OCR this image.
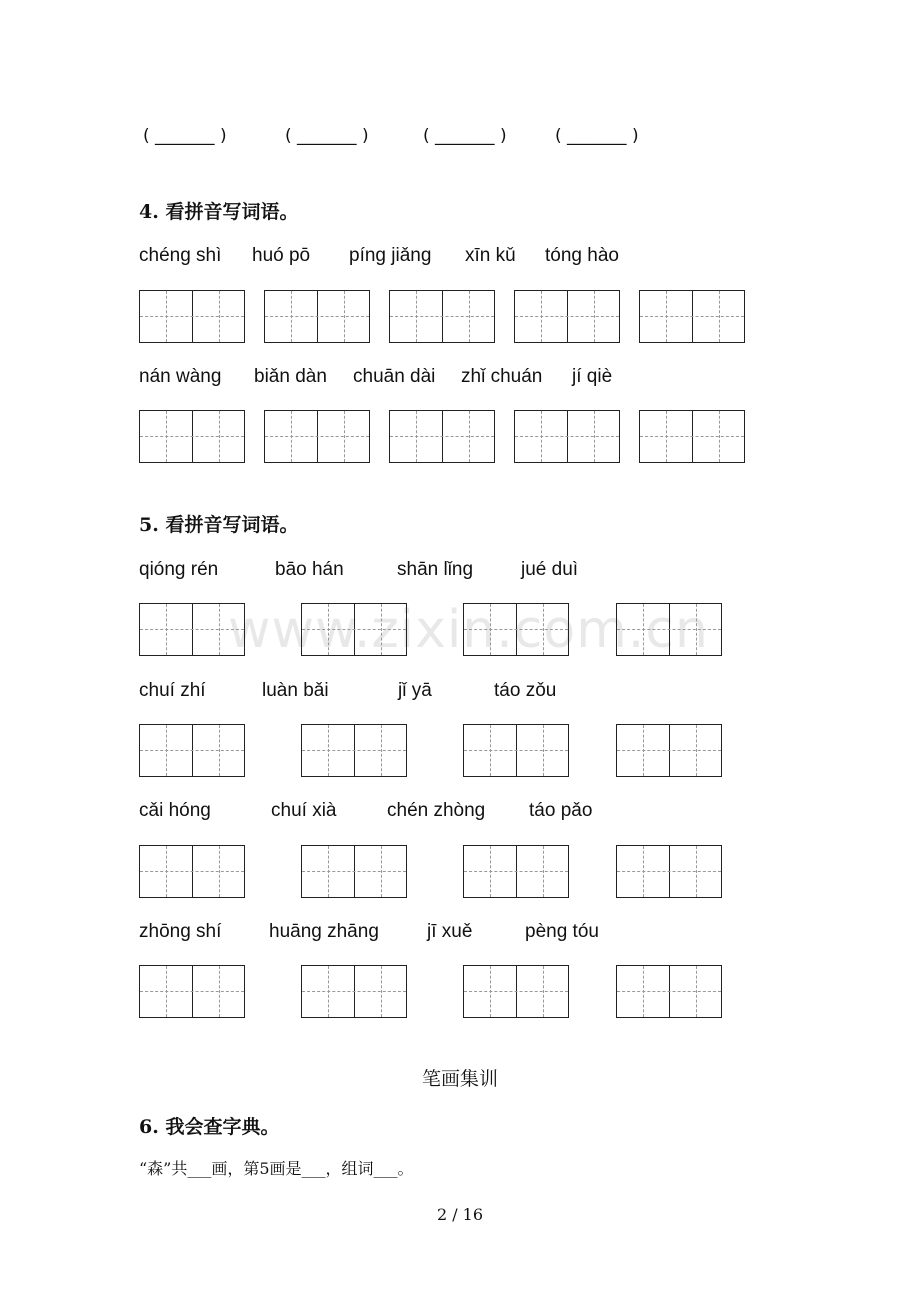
( _______ )	( _______ )	( _______ )	( _______ )
4. 看拼音写词语。
chéng shì huó pō píng jiǎng xīn kǔ tóng hào
nán wàng biǎn dàn chuān dài zhǐ chuán jí qiè
5. 看拼音写词语。
www.zixin.com.cn
qióng rén	bāo hán	shān lǐng	jué duì
chuí zhí	luàn bǎi	jǐ yā	táo zǒu
cǎi hóng	chuí xià	chén zhòng táo pǎo
zhōng shí	huāng zhāng	jī xuě	pèng tóu
笔画集训
6. 我会查字典。
“森”共___画，第5画是___，组词___。
2 / 16
